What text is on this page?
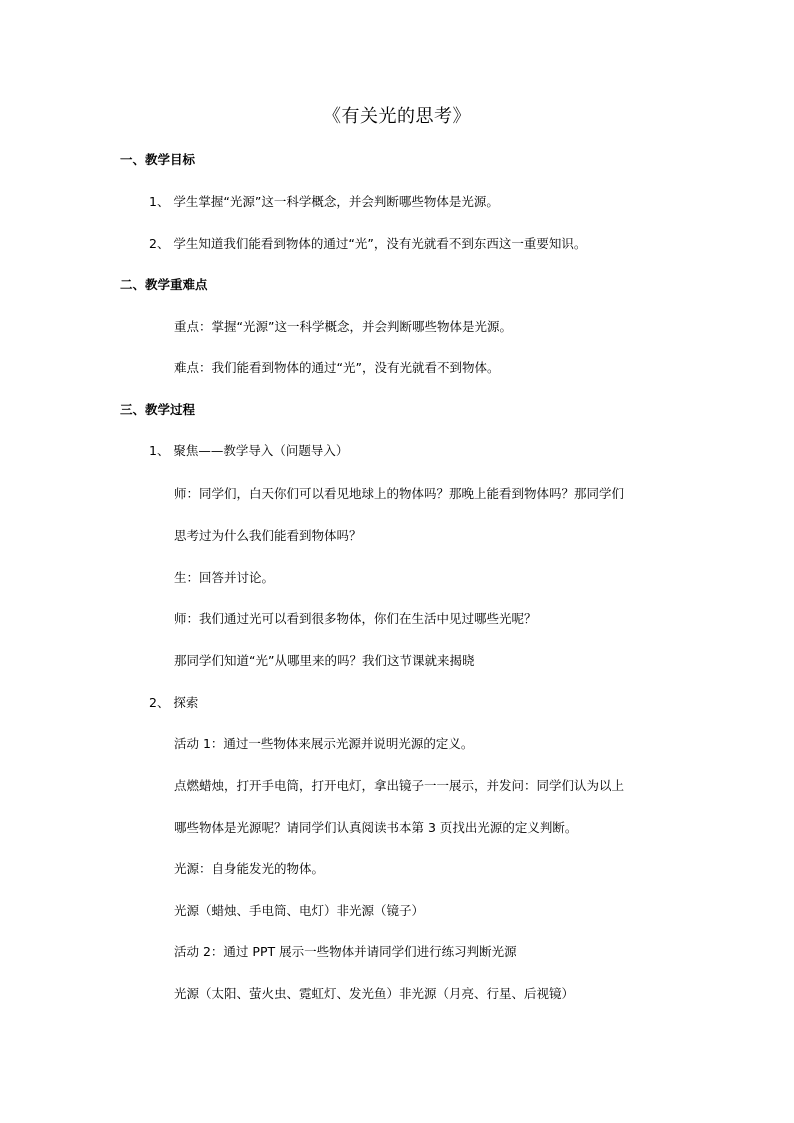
《有关光的思考》
一、教学目标
1、 学生掌握“光源”这一科学概念，并会判断哪些物体是光源。
2、 学生知道我们能看到物体的通过“光”，没有光就看不到东西这一重要知识。
二、教学重难点
重点：掌握“光源”这一科学概念，并会判断哪些物体是光源。
难点：我们能看到物体的通过“光”，没有光就看不到物体。
三、教学过程
1、 聚焦——教学导入（问题导入）
师：同学们，白天你们可以看见地球上的物体吗？那晚上能看到物体吗？那同学们
思考过为什么我们能看到物体吗？
生：回答并讨论。
师：我们通过光可以看到很多物体，你们在生活中见过哪些光呢？
那同学们知道“光”从哪里来的吗？我们这节课就来揭晓
2、 探索
活动 1：通过一些物体来展示光源并说明光源的定义。
点燃蜡烛，打开手电筒，打开电灯，拿出镜子一一展示，并发问：同学们认为以上
哪些物体是光源呢？请同学们认真阅读书本第 3 页找出光源的定义判断。
光源：自身能发光的物体。
光源（蜡烛、手电筒、电灯）非光源（镜子）
活动 2：通过 PPT 展示一些物体并请同学们进行练习判断光源
光源（太阳、萤火虫、霓虹灯、发光鱼）非光源（月亮、行星、后视镜）
